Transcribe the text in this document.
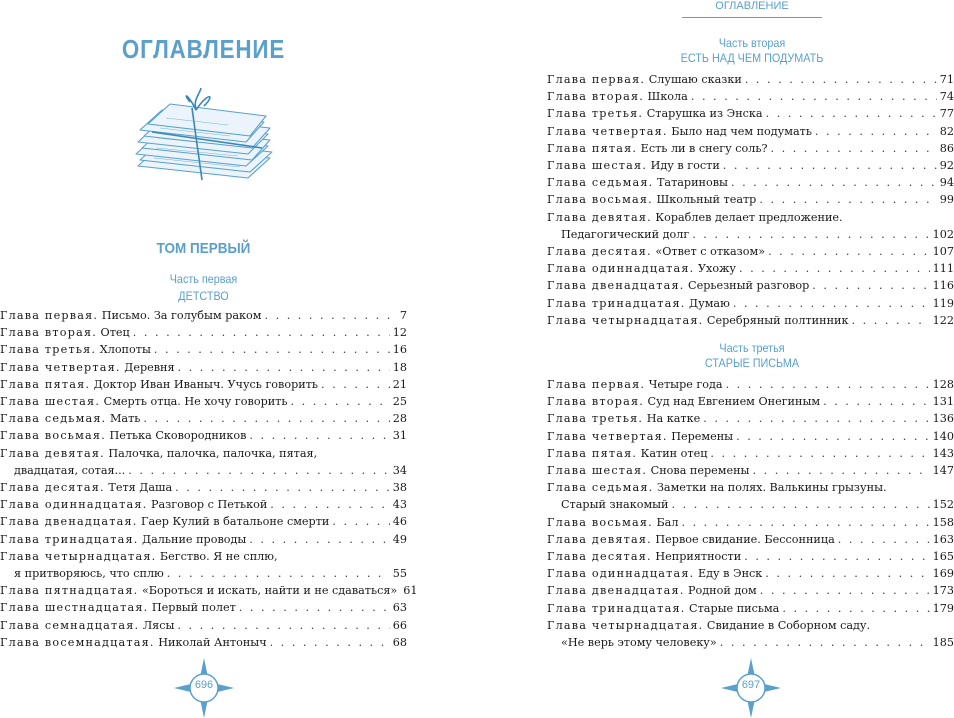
ОГЛАВЛЕНИЕ
ТОМ ПЕРВЫЙ
Часть первая
ДЕТСТВО
Глава первая. Письмо. За голубым раком . . .	7
Глава вторая. Отец . . .	12
Глава третья. Хлопоты . . .	16
Глава четвертая. Деревня . . .	18
Глава пятая. Доктор Иван Иваныч. Учусь говорить . . .	21
Глава шестая. Смерть отца. Не хочу говорить . . .	25
Глава седьмая. Мать . . .	28
Глава восьмая. Петька Сковородников . . .	31
Глава девятая. Палочка, палочка, палочка, пятая,
двадцатая, сотая... . . .	34
Глава десятая. Тетя Даша . . .	38
Глава одиннадцатая. Разговор с Петькой . . .	43
Глава двенадцатая. Гаер Кулий в батальоне смерти . . .	46
Глава тринадцатая. Дальние проводы . . .	49
Глава четырнадцатая. Бегство. Я не сплю,
я притворяюсь, что сплю . . .	55
Глава пятнадцатая. «Бороться и искать, найти и не сдаваться» 61
Глава шестнадцатая. Первый полет . . .	63
Глава семнадцатая. Лясы . . .	66
Глава восемнадцатая. Николай Антоныч . . .	68
696
ОГЛАВЛЕНИЕ
Часть вторая
ЕСТЬ НАД ЧЕМ ПОДУМАТЬ
Глава первая. Слушаю сказки . . .	71
Глава вторая. Школа . . .	74
Глава третья. Старушка из Энска . . .	77
Глава четвертая. Было над чем подумать . . .	82
Глава пятая. Есть ли в снегу соль? . . .	86
Глава шестая. Иду в гости . . .	92
Глава седьмая. Татариновы . . .	94
Глава восьмая. Школьный театр . . .	99
Глава девятая. Кораблев делает предложение.
Педагогический долг . . .	102
Глава десятая. «Ответ с отказом» . . .	107
Глава одиннадцатая. Ухожу . . .	111
Глава двенадцатая. Серьезный разговор . . .	116
Глава тринадцатая. Думаю . . .	119
Глава четырнадцатая. Серебряный полтинник . . .	122
Часть третья
СТАРЫЕ ПИСЬМА
Глава первая. Четыре года . . .	128
Глава вторая. Суд над Евгением Онегиным . . .	131
Глава третья. На катке . . .	136
Глава четвертая. Перемены . . .	140
Глава пятая. Катин отец . . .	143
Глава шестая. Снова перемены . . .	147
Глава седьмая. Заметки на полях. Валькины грызуны.
Старый знакомый . . .	152
Глава восьмая. Бал . . .	158
Глава девятая. Первое свидание. Бессонница . . .	163
Глава десятая. Неприятности . . .	165
Глава одиннадцатая. Еду в Энск . . .	169
Глава двенадцатая. Родной дом . . .	173
Глава тринадцатая. Старые письма . . .	179
Глава четырнадцатая. Свидание в Соборном саду.
«Не верь этому человеку» . . .	185
697
